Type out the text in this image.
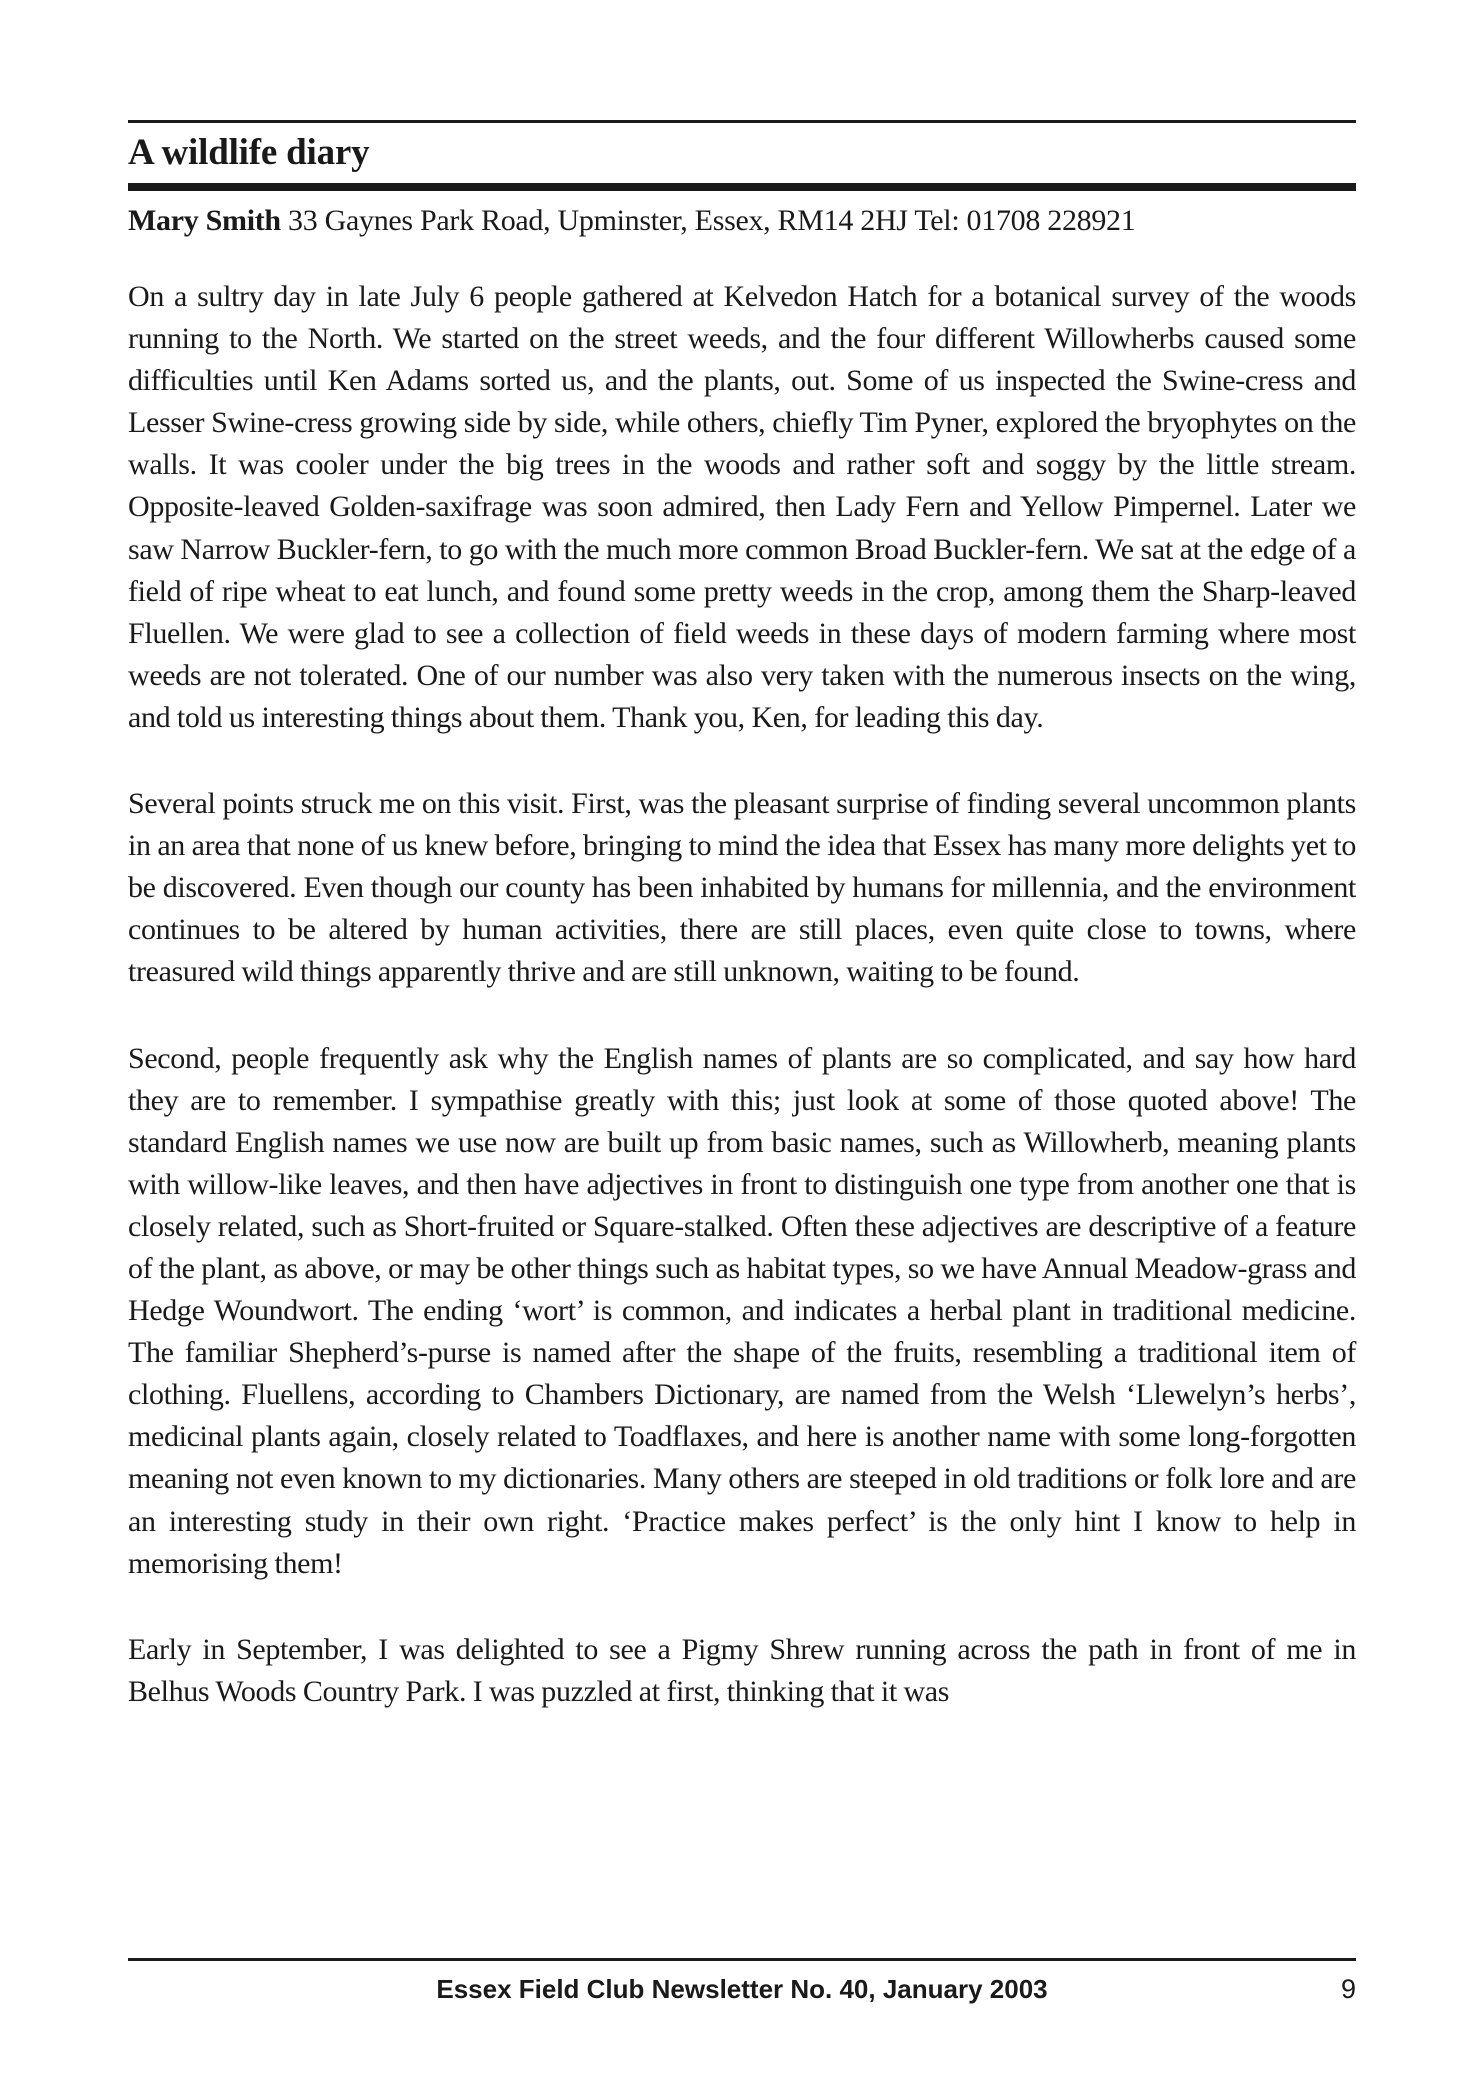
A wildlife diary
Mary Smith 33 Gaynes Park Road, Upminster, Essex, RM14 2HJ Tel: 01708 228921

On a sultry day in late July 6 people gathered at Kelvedon Hatch for a botanical survey of the woods running to the North. We started on the street weeds, and the four different Willowherbs caused some difficulties until Ken Adams sorted us, and the plants, out. Some of us inspected the Swine-cress and Lesser Swine-cress growing side by side, while others, chiefly Tim Pyner, explored the bryophytes on the walls. It was cooler under the big trees in the woods and rather soft and soggy by the little stream. Opposite-leaved Golden-saxifrage was soon admired, then Lady Fern and Yellow Pimpernel. Later we saw Narrow Buckler-fern, to go with the much more common Broad Buckler-fern. We sat at the edge of a field of ripe wheat to eat lunch, and found some pretty weeds in the crop, among them the Sharp-leaved Fluellen. We were glad to see a collection of field weeds in these days of modern farming where most weeds are not tolerated. One of our number was also very taken with the numerous insects on the wing, and told us interesting things about them. Thank you, Ken, for leading this day.

Several points struck me on this visit. First, was the pleasant surprise of finding several uncommon plants in an area that none of us knew before, bringing to mind the idea that Essex has many more delights yet to be discovered. Even though our county has been inhabited by humans for millennia, and the environment continues to be altered by human activities, there are still places, even quite close to towns, where treasured wild things apparently thrive and are still unknown, waiting to be found.

Second, people frequently ask why the English names of plants are so complicated, and say how hard they are to remember. I sympathise greatly with this; just look at some of those quoted above! The standard English names we use now are built up from basic names, such as Willowherb, meaning plants with willow-like leaves, and then have adjectives in front to distinguish one type from another one that is closely related, such as Short-fruited or Square-stalked. Often these adjectives are descriptive of a feature of the plant, as above, or may be other things such as habitat types, so we have Annual Meadow-grass and Hedge Woundwort. The ending ‘wort’ is common, and indicates a herbal plant in traditional medicine. The familiar Shepherd’s-purse is named after the shape of the fruits, resembling a traditional item of clothing. Fluellens, according to Chambers Dictionary, are named from the Welsh ‘Llewelyn’s herbs’, medicinal plants again, closely related to Toadflaxes, and here is another name with some long-forgotten meaning not even known to my dictionaries. Many others are steeped in old traditions or folk lore and are an interesting study in their own right. ‘Practice makes perfect’ is the only hint I know to help in memorising them!

Early in September, I was delighted to see a Pigmy Shrew running across the path in front of me in Belhus Woods Country Park. I was puzzled at first, thinking that it was

Essex Field Club Newsletter No. 40, January 2003	9
